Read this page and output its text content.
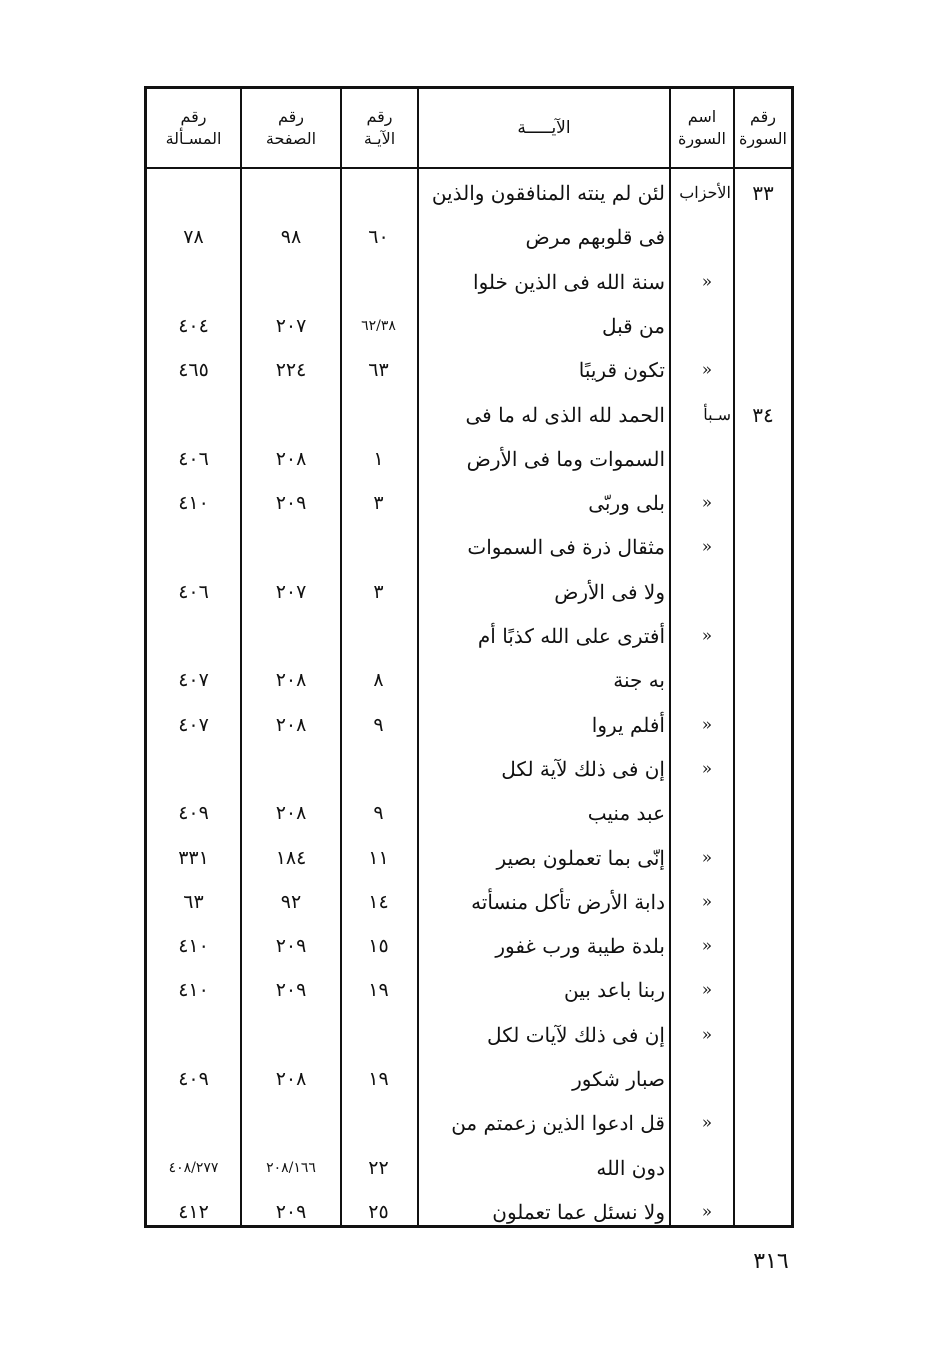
رقم
السورة
اسم
السورة
الآيـــــة
رقم
الآيـة
رقم
الصفحة
رقم
المسـألة
٣٣
الأحزاب
لئن لم ينته المنافقون والذين
فى قلوبهم مرض
٦٠
٩٨
٧٨
»
سنة الله فى الذين خلوا
من قبل
٦٢/٣٨
٢٠٧
٤٠٤
»
تكون قريبًا
٦٣
٢٢٤
٤٦٥
٣٤
سـبأ
الحمد لله الذى له ما فى
السموات وما فى الأرض
١
٢٠٨
٤٠٦
»
بلى وربّى
٣
٢٠٩
٤١٠
»
مثقال ذرة فى السموات
ولا فى الأرض
٣
٢٠٧
٤٠٦
»
أفترى على الله كذبًا أم
به جنة
٨
٢٠٨
٤٠٧
»
أفلم يروا
٩
٢٠٨
٤٠٧
»
إن فى ذلك لآية لكل
عبد منيب
٩
٢٠٨
٤٠٩
»
إنّى بما تعملون بصير
١١
١٨٤
٣٣١
»
دابة الأرض تأكل منسأته
١٤
٩٢
٦٣
»
بلدة طيبة ورب غفور
١٥
٢٠٩
٤١٠
»
ربنا باعد بين
١٩
٢٠٩
٤١٠
»
إن فى ذلك لآيات لكل
صبار شكور
١٩
٢٠٨
٤٠٩
»
قل ادعوا الذين زعمتم من
دون الله
٢٢
٢٠٨/١٦٦
٤٠٨/٢٧٧
»
ولا نسئل عما تعملون
٢٥
٢٠٩
٤١٢
٣١٦
